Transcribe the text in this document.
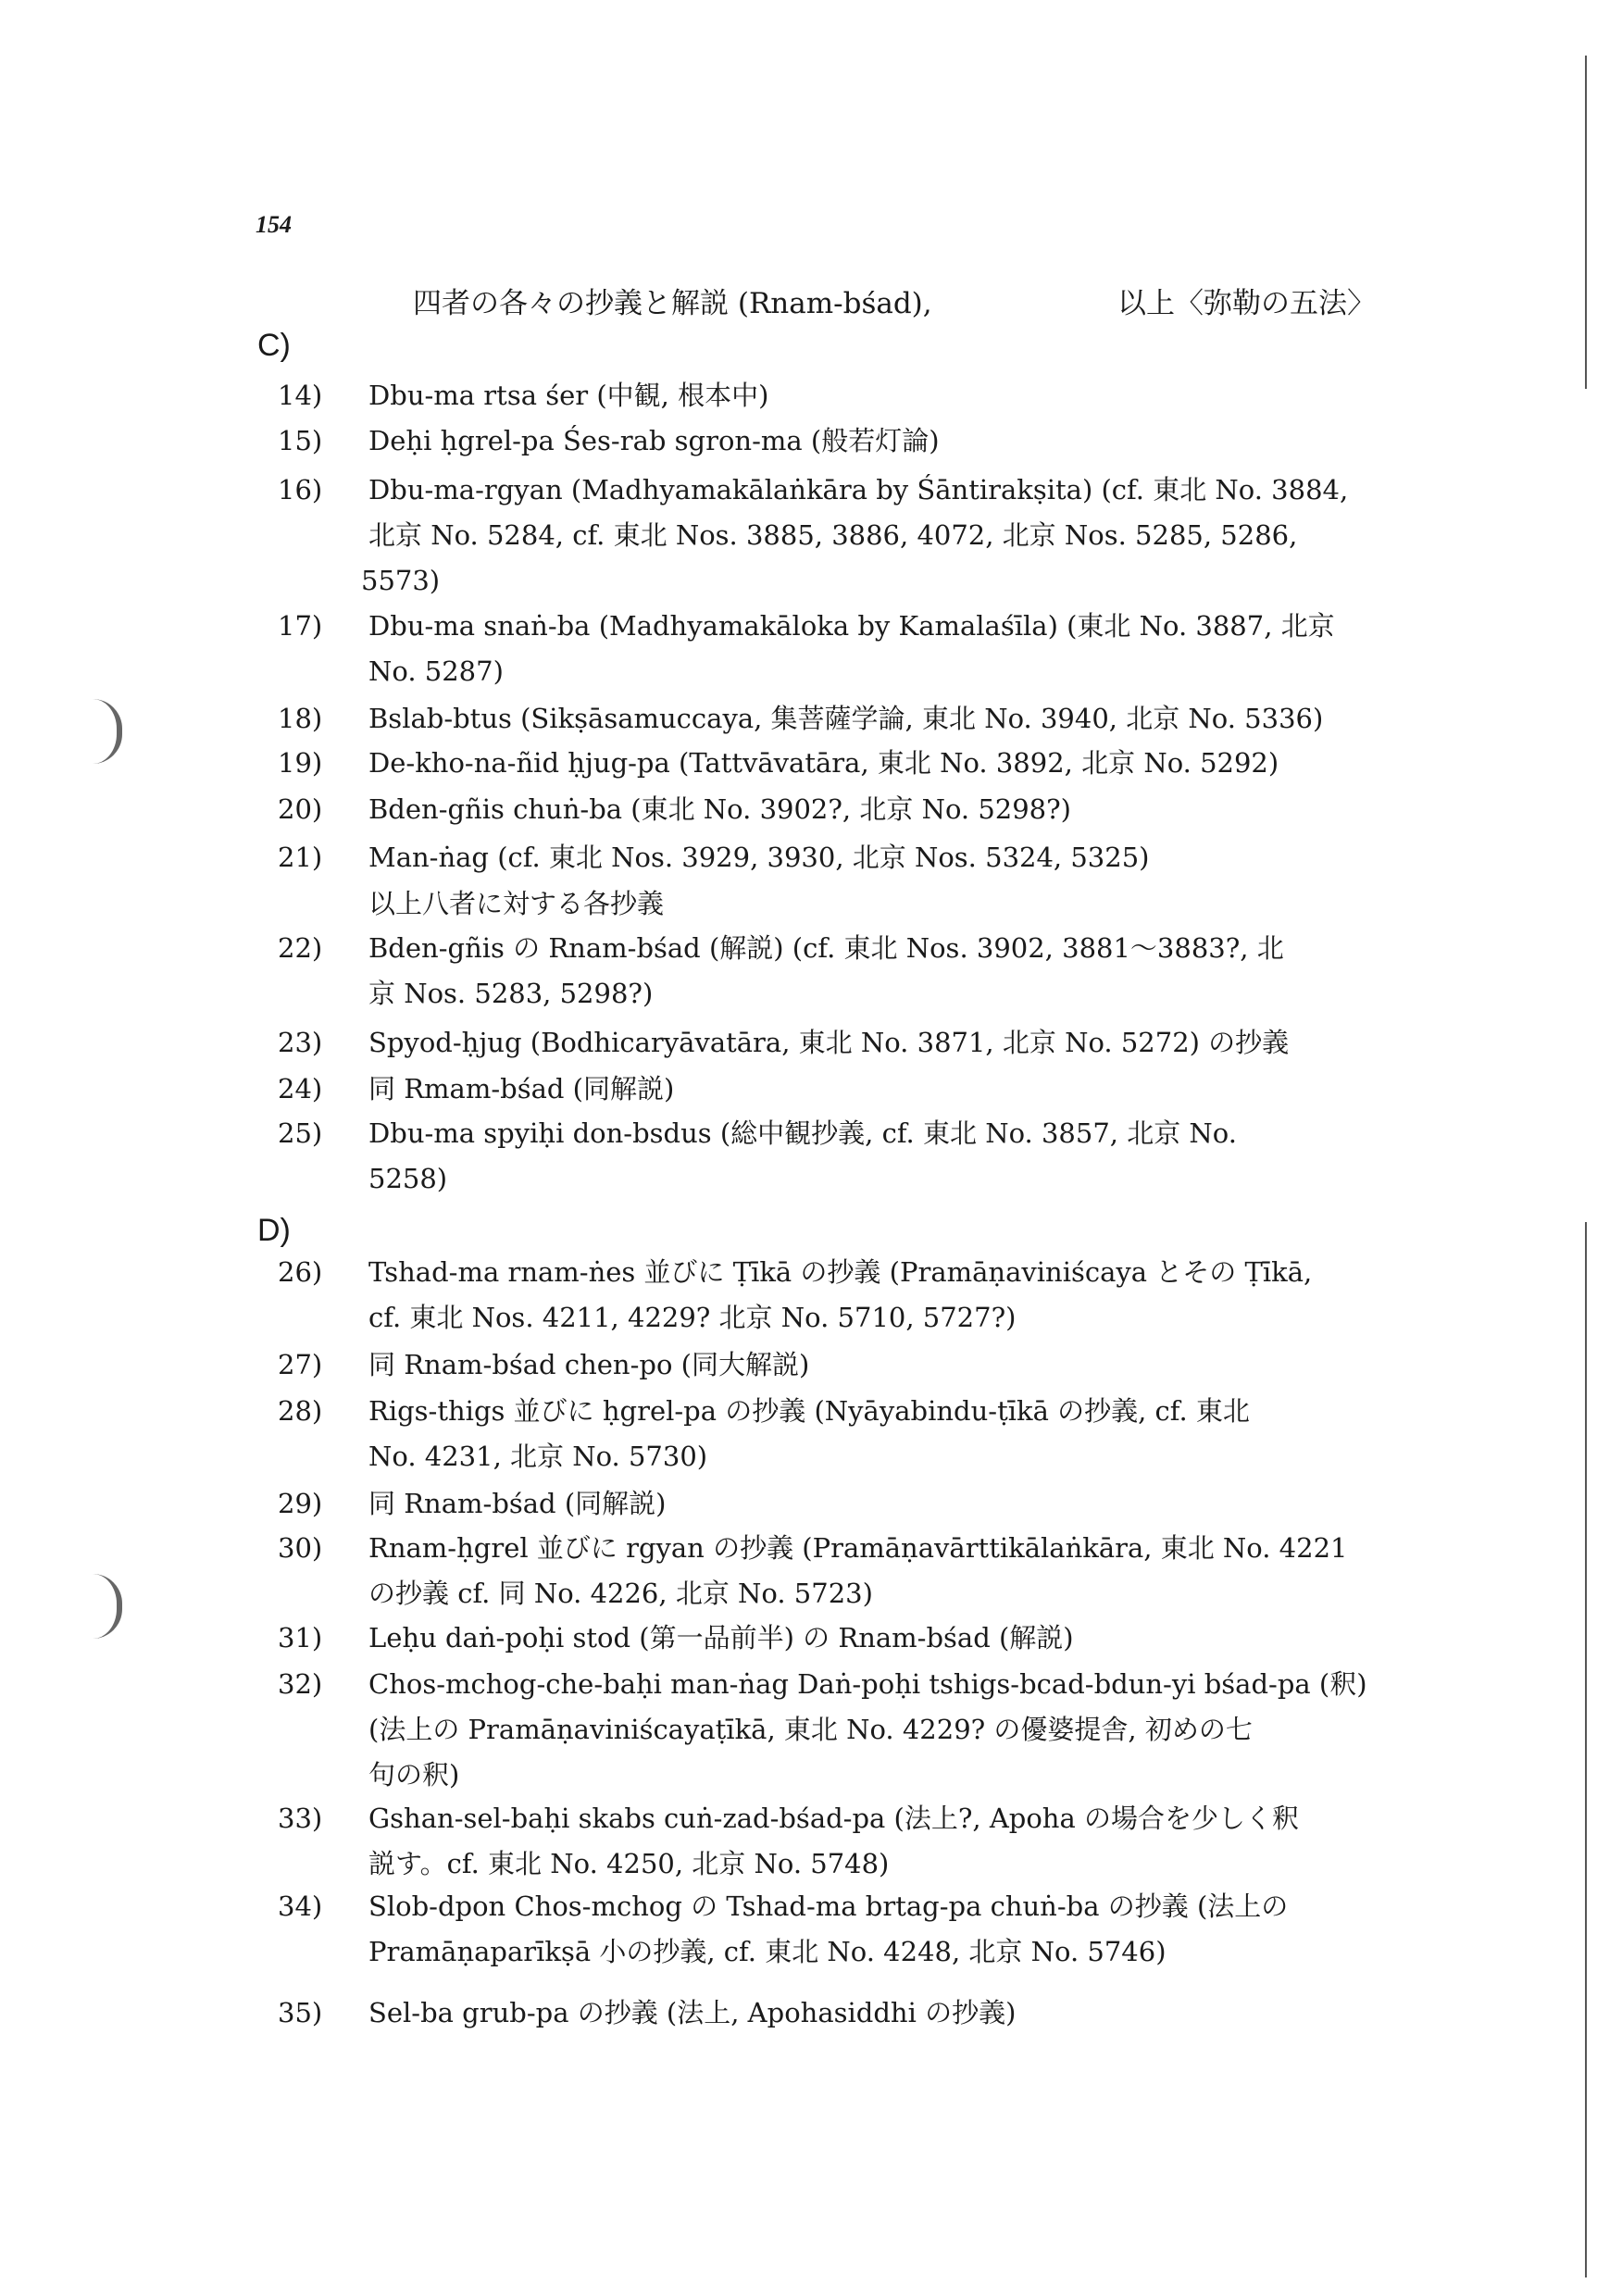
154
四者の各々の抄義と解説 (Rnam-bśad),	以上〈弥勒の五法〉
C)
D)
以上八者に対する各抄義
14)	Dbu-ma rtsa śer (中観, 根本中)
15)	Deḥi ḥgrel-pa Śes-rab sgron-ma (般若灯論)
16)	Dbu-ma-rgyan (Madhyamakālaṅkāra by Śāntirakṣita) (cf. 東北 No. 3884,
北京 No. 5284, cf. 東北 Nos. 3885, 3886, 4072, 北京 Nos. 5285, 5286,
5573)
17)	Dbu-ma snaṅ-ba (Madhyamakāloka by Kamalaśīla) (東北 No. 3887, 北京
No. 5287)
18)	Bslab-btus (Sikṣāsamuccaya, 集菩薩学論, 東北 No. 3940, 北京 No. 5336)
19)	De-kho-na-ñid ḥjug-pa (Tattvāvatāra, 東北 No. 3892, 北京 No. 5292)
20)	Bden-gñis chuṅ-ba (東北 No. 3902?, 北京 No. 5298?)
21)	Man-ṅag (cf. 東北 Nos. 3929, 3930, 北京 Nos. 5324, 5325)
22)	Bden-gñis の Rnam-bśad (解説) (cf. 東北 Nos. 3902, 3881～3883?, 北
京 Nos. 5283, 5298?)
23)	Spyod-ḥjug (Bodhicaryāvatāra, 東北 No. 3871, 北京 No. 5272) の抄義
24)	同 Rmam-bśad (同解説)
25)	Dbu-ma spyiḥi don-bsdus (総中観抄義, cf. 東北 No. 3857, 北京 No.
5258)
26)	Tshad-ma rnam-ṅes 並びに Ṭīkā の抄義 (Pramāṇaviniścaya とその Ṭīkā,
cf. 東北 Nos. 4211, 4229? 北京 No. 5710, 5727?)
27)	同 Rnam-bśad chen-po (同大解説)
28)	Rigs-thigs 並びに ḥgrel-pa の抄義 (Nyāyabindu-ṭīkā の抄義, cf. 東北
No. 4231, 北京 No. 5730)
29)	同 Rnam-bśad (同解説)
30)	Rnam-ḥgrel 並びに rgyan の抄義 (Pramāṇavārttikālaṅkāra, 東北 No. 4221
の抄義 cf. 同 No. 4226, 北京 No. 5723)
31)	Leḥu daṅ-poḥi stod (第一品前半) の Rnam-bśad (解説)
32)	Chos-mchog-che-baḥi man-ṅag Daṅ-poḥi tshigs-bcad-bdun-yi bśad-pa (釈)
(法上の Pramāṇaviniścayaṭīkā, 東北 No. 4229? の優婆提舎, 初めの七
句の釈)
33)	Gshan-sel-baḥi skabs cuṅ-zad-bśad-pa (法上?, Apoha の場合を少しく釈
説す。cf. 東北 No. 4250, 北京 No. 5748)
34)	Slob-dpon Chos-mchog の Tshad-ma brtag-pa chuṅ-ba の抄義 (法上の
Pramāṇaparīkṣā 小の抄義, cf. 東北 No. 4248, 北京 No. 5746)
35)	Sel-ba grub-pa の抄義 (法上, Apohasiddhi の抄義)
